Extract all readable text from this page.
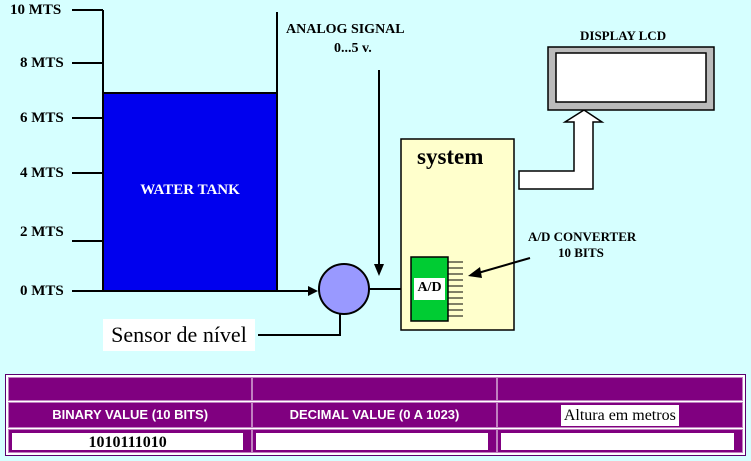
10 MTS
8 MTS
6 MTS
4 MTS
2 MTS
0 MTS
WATER TANK
ANALOG SIGNAL
0...5 v.
DISPLAY LCD
system
A/D
A/D CONVERTER
10 BITS
Sensor de nível
BINARY VALUE (10 BITS)	DECIMAL VALUE (0 A 1023)	Altura em metros
1010111010
